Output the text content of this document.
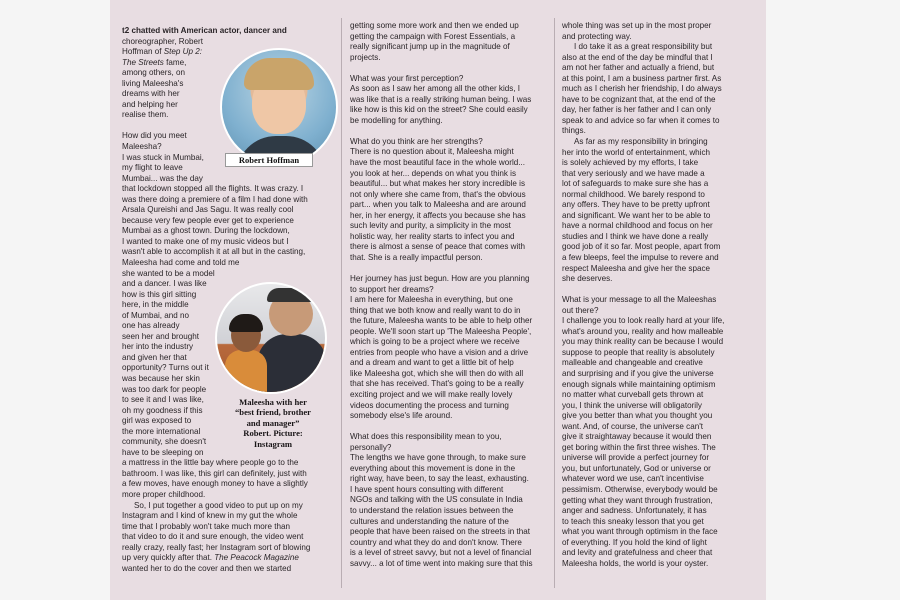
t2 chatted with American actor, dancer and

choreographer, Robert

Hoffman of Step Up 2:

The Streets fame,

among others, on

living Maleesha's

dreams with her

and helping her

realise them.

How did you meet

Maleesha?

I was stuck in Mumbai,

my flight to leave

Mumbai... was the day

that lockdown stopped all the flights. It was crazy. I

was there doing a premiere of a film I had done with

Arsala Qureishi and Jas Sagu. It was really cool

because very few people ever get to experience

Mumbai as a ghost town. During the lockdown,

I wanted to make one of my music videos but I

wasn't able to accomplish it at all but in the casting,

Maleesha had come and told me

she wanted to be a model

and a dancer. I was like

how is this girl sitting

here, in the middle

of Mumbai, and no

one has already

seen her and brought

her into the industry

and given her that

opportunity? Turns out it

was because her skin

was too dark for people

to see it and I was like,

oh my goodness if this

girl was exposed to

the more international

community, she doesn't

have to be sleeping on

a mattress in the little bay where people go to the

bathroom. I was like, this girl can definitely, just with

a few moves, have enough money to have a slightly

more proper childhood.

So, I put together a good video to put up on my

Instagram and I kind of knew in my gut the whole

time that I probably won't take much more than

that video to do it and sure enough, the video went

really crazy, really fast; her Instagram sort of blowing

up very quickly after that. The Peacock Magazine

wanted her to do the cover and then we started

Robert Hoffman

Maleesha with her

“best friend, brother

and manager”

Robert. Picture:

Instagram

getting some more work and then we ended up

getting the campaign with Forest Essentials, a

really significant jump up in the magnitude of

projects.

What was your first perception?

As soon as I saw her among all the other kids, I

was like that is a really striking human being. I was

like how is this kid on the street? She could easily

be modelling for anything.

What do you think are her strengths?

There is no question about it, Maleesha might

have the most beautiful face in the whole world...

you look at her... depends on what you think is

beautiful... but what makes her story incredible is

not only where she came from, that's the obvious

part... when you talk to Maleesha and are around

her, in her energy, it affects you because she has

such levity and purity, a simplicity in the most

holistic way, her reality starts to infect you and

there is almost a sense of peace that comes with

that. She is a really impactful person.

Her journey has just begun. How are you planning

to support her dreams?

I am here for Maleesha in everything, but one

thing that we both know and really want to do in

the future, Maleesha wants to be able to help other

people. We'll soon start up 'The Maleesha People',

which is going to be a project where we receive

entries from people who have a vision and a drive

and a dream and want to get a little bit of help

like Maleesha got, which she will then do with all

that she has received. That's going to be a really

exciting project and we will make really lovely

videos documenting the process and turning

somebody else's life around.

What does this responsibility mean to you,

personally?

The lengths we have gone through, to make sure

everything about this movement is done in the

right way, have been, to say the least, exhausting.

I have spent hours consulting with different

NGOs and talking with the US consulate in India

to understand the relation issues between the

cultures and understanding the nature of the

people that have been raised on the streets in that

country and what they do and don't know. There

is a level of street savvy, but not a level of financial

savvy... a lot of time went into making sure that this

whole thing was set up in the most proper

and protecting way.

I do take it as a great responsibility but

also at the end of the day be mindful that I

am not her father and actually a friend, but

at this point, I am a business partner first. As

much as I cherish her friendship, I do always

have to be cognizant that, at the end of the

day, her father is her father and I can only

speak to and advice so far when it comes to

things.

As far as my responsibility in bringing

her into the world of entertainment, which

is solely achieved by my efforts, I take

that very seriously and we have made a

lot of safeguards to make sure she has a

normal childhood. We barely respond to

any offers. They have to be pretty upfront

and significant. We want her to be able to

have a normal childhood and focus on her

studies and I think we have done a really

good job of it so far. Most people, apart from

a few bleeps, feel the impulse to revere and

respect Maleesha and give her the space

she deserves.

What is your message to all the Maleeshas

out there?

I challenge you to look really hard at your life,

what's around you, reality and how malleable

you may think reality can be because I would

suppose to people that reality is absolutely

malleable and changeable and creative

and surprising and if you give the universe

enough signals while maintaining optimism

no matter what curveball gets thrown at

you, I think the universe will obligatorily

give you better than what you thought you

want. And, of course, the universe can't

give it straightaway because it would then

get boring within the first three wishes. The

universe will provide a perfect journey for

you, but unfortunately, God or universe or

whatever word we use, can't incentivise

pessimism. Otherwise, everybody would be

getting what they want through frustration,

anger and sadness. Unfortunately, it has

to teach this sneaky lesson that you get

what you want through optimism in the face

of everything. If you hold the kind of light

and levity and gratefulness and cheer that

Maleesha holds, the world is your oyster.
